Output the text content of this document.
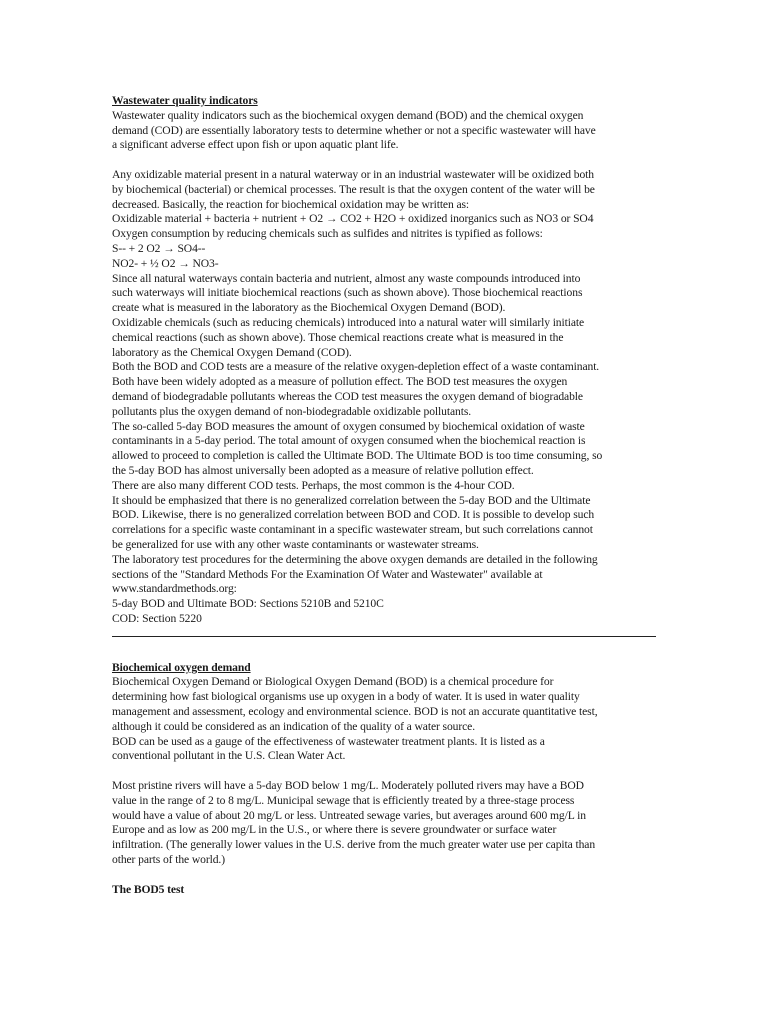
Wastewater quality indicators
Wastewater quality indicators such as the biochemical oxygen demand (BOD) and the chemical oxygen
demand (COD) are essentially laboratory tests to determine whether or not a specific wastewater will have
a significant adverse effect upon fish or upon aquatic plant life.
Any oxidizable material present in a natural waterway or in an industrial wastewater will be oxidized both
by biochemical (bacterial) or chemical processes. The result is that the oxygen content of the water will be
decreased. Basically, the reaction for biochemical oxidation may be written as:
Oxidizable material + bacteria + nutrient + O2 → CO2 + H2O + oxidized inorganics such as NO3 or SO4
Oxygen consumption by reducing chemicals such as sulfides and nitrites is typified as follows:
S-- + 2 O2 → SO4--
NO2- + ½ O2 → NO3-
Since all natural waterways contain bacteria and nutrient, almost any waste compounds introduced into
such waterways will initiate biochemical reactions (such as shown above). Those biochemical reactions
create what is measured in the laboratory as the Biochemical Oxygen Demand (BOD).
Oxidizable chemicals (such as reducing chemicals) introduced into a natural water will similarly initiate
chemical reactions (such as shown above). Those chemical reactions create what is measured in the
laboratory as the Chemical Oxygen Demand (COD).
Both the BOD and COD tests are a measure of the relative oxygen-depletion effect of a waste contaminant.
Both have been widely adopted as a measure of pollution effect. The BOD test measures the oxygen
demand of biodegradable pollutants whereas the COD test measures the oxygen demand of biogradable
pollutants plus the oxygen demand of non-biodegradable oxidizable pollutants.
The so-called 5-day BOD measures the amount of oxygen consumed by biochemical oxidation of waste
contaminants in a 5-day period. The total amount of oxygen consumed when the biochemical reaction is
allowed to proceed to completion is called the Ultimate BOD. The Ultimate BOD is too time consuming, so
the 5-day BOD has almost universally been adopted as a measure of relative pollution effect.
There are also many different COD tests. Perhaps, the most common is the 4-hour COD.
It should be emphasized that there is no generalized correlation between the 5-day BOD and the Ultimate
BOD. Likewise, there is no generalized correlation between BOD and COD. It is possible to develop such
correlations for a specific waste contaminant in a specific wastewater stream, but such correlations cannot
be generalized for use with any other waste contaminants or wastewater streams.
The laboratory test procedures for the determining the above oxygen demands are detailed in the following
sections of the "Standard Methods For the Examination Of Water and Wastewater" available at
www.standardmethods.org:
5-day BOD and Ultimate BOD: Sections 5210B and 5210C
COD: Section 5220
Biochemical oxygen demand
Biochemical Oxygen Demand or Biological Oxygen Demand (BOD) is a chemical procedure for
determining how fast biological organisms use up oxygen in a body of water. It is used in water quality
management and assessment, ecology and environmental science. BOD is not an accurate quantitative test,
although it could be considered as an indication of the quality of a water source.
BOD can be used as a gauge of the effectiveness of wastewater treatment plants. It is listed as a
conventional pollutant in the U.S. Clean Water Act.
Most pristine rivers will have a 5-day BOD below 1 mg/L. Moderately polluted rivers may have a BOD
value in the range of 2 to 8 mg/L. Municipal sewage that is efficiently treated by a three-stage process
would have a value of about 20 mg/L or less. Untreated sewage varies, but averages around 600 mg/L in
Europe and as low as 200 mg/L in the U.S., or where there is severe groundwater or surface water
infiltration. (The generally lower values in the U.S. derive from the much greater water use per capita than
other parts of the world.)
The BOD5 test
